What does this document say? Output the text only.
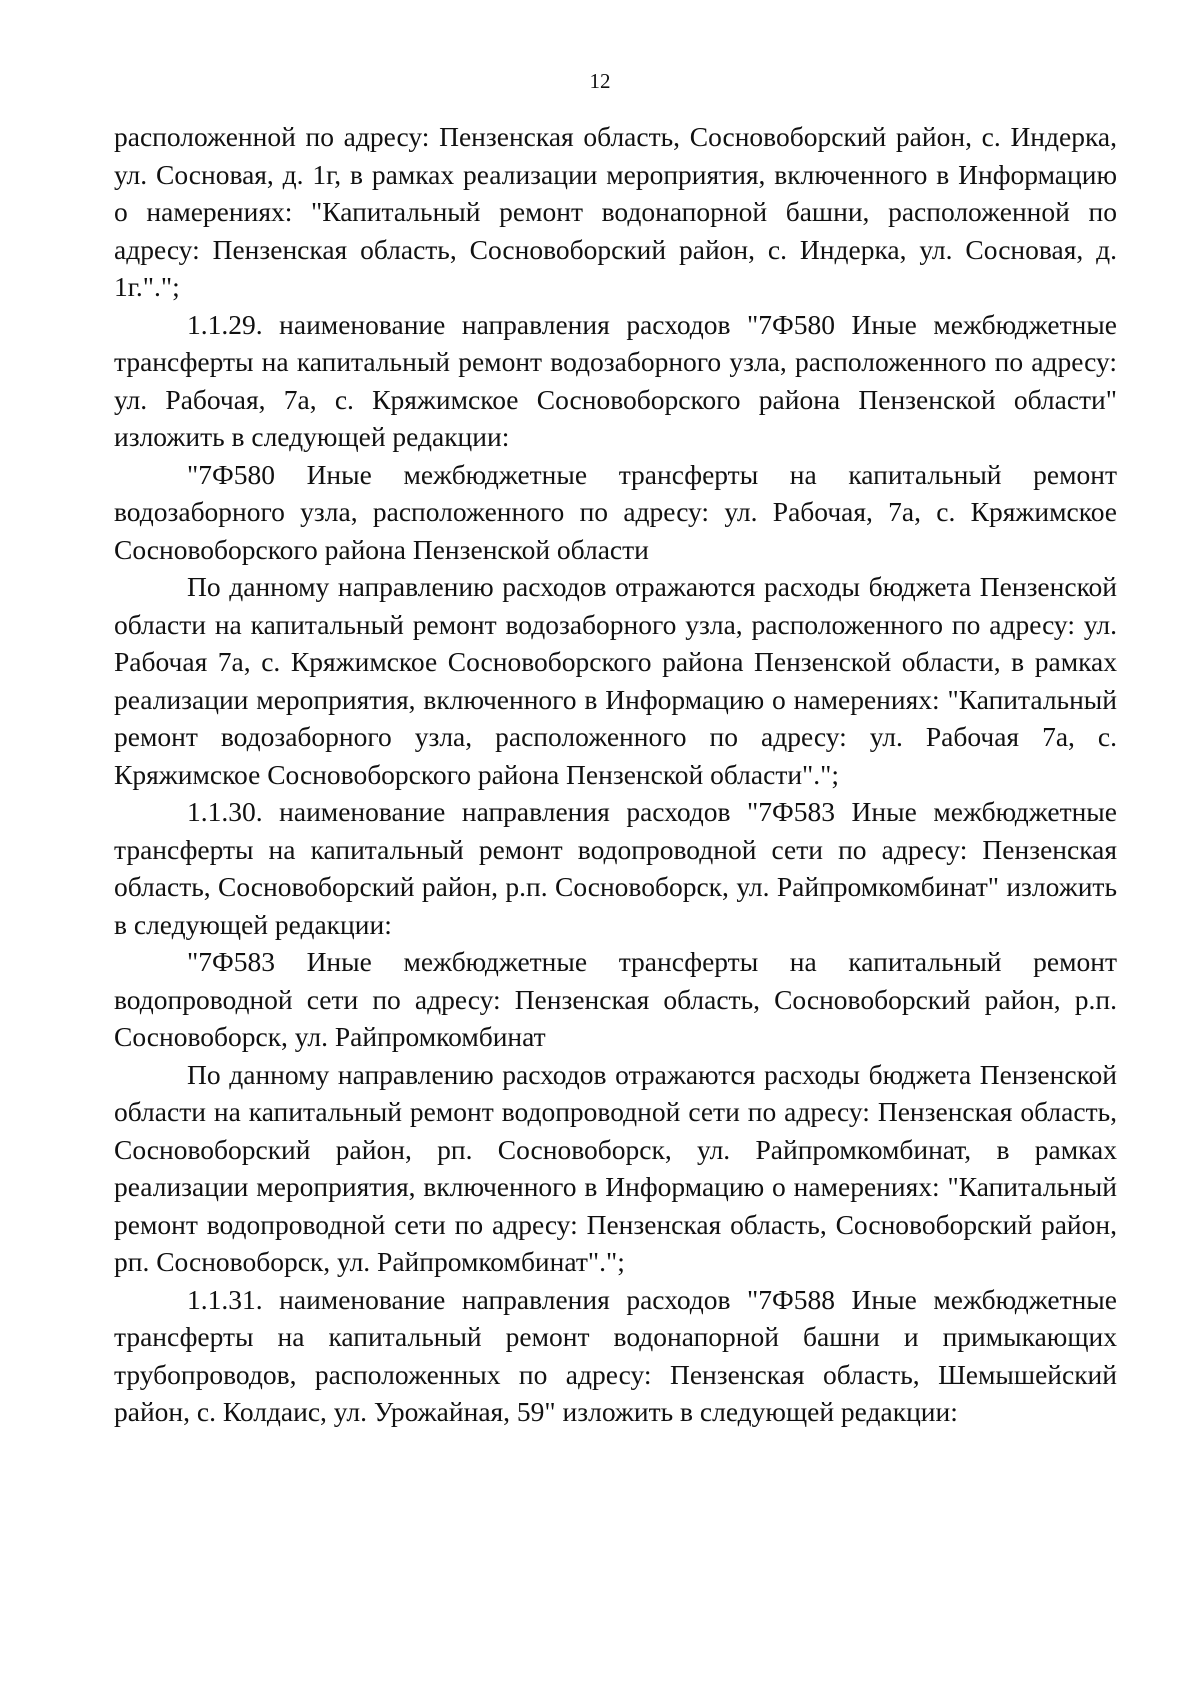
12

расположенной по адресу: Пензенская область, Сосновоборский район, с. Индерка, ул. Сосновая, д. 1г, в рамках реализации мероприятия, включенного в Информацию о намерениях: "Капитальный ремонт водонапорной башни, расположенной по адресу: Пензенская область, Сосновоборский район, с. Индерка, ул. Сосновая, д. 1г.".";

1.1.29. наименование направления расходов "7Ф580 Иные межбюджетные трансферты на капитальный ремонт водозаборного узла, расположенного по адресу: ул. Рабочая, 7а, с. Кряжимское Сосновоборского района Пензенской области" изложить в следующей редакции:

"7Ф580 Иные межбюджетные трансферты на капитальный ремонт водозаборного узла, расположенного по адресу: ул. Рабочая, 7а, с. Кряжимское Сосновоборского района Пензенской области

По данному направлению расходов отражаются расходы бюджета Пензенской области на капитальный ремонт водозаборного узла, расположенного по адресу: ул. Рабочая 7а, с. Кряжимское Сосновоборского района Пензенской области, в рамках реализации мероприятия, включенного в Информацию о намерениях: "Капитальный ремонт водозаборного узла, расположенного по адресу: ул. Рабочая 7а, с. Кряжимское Сосновоборского района Пензенской области".";

1.1.30. наименование направления расходов "7Ф583 Иные межбюджетные трансферты на капитальный ремонт водопроводной сети по адресу: Пензенская область, Сосновоборский район, р.п. Сосновоборск, ул. Райпромкомбинат" изложить в следующей редакции:

"7Ф583 Иные межбюджетные трансферты на капитальный ремонт водопроводной сети по адресу: Пензенская область, Сосновоборский район, р.п. Сосновоборск, ул. Райпромкомбинат

По данному направлению расходов отражаются расходы бюджета Пензенской области на капитальный ремонт водопроводной сети по адресу: Пензенская область, Сосновоборский район, рп. Сосновоборск, ул. Райпромкомбинат, в рамках реализации мероприятия, включенного в Информацию о намерениях: "Капитальный ремонт водопроводной сети по адресу: Пензенская область, Сосновоборский район, рп. Сосновоборск, ул. Райпромкомбинат".";

1.1.31. наименование направления расходов "7Ф588 Иные межбюджетные трансферты на капитальный ремонт водонапорной башни и примыкающих трубопроводов, расположенных по адресу: Пензенская область, Шемышейский район, с. Колдаис, ул. Урожайная, 59" изложить в следующей редакции:
